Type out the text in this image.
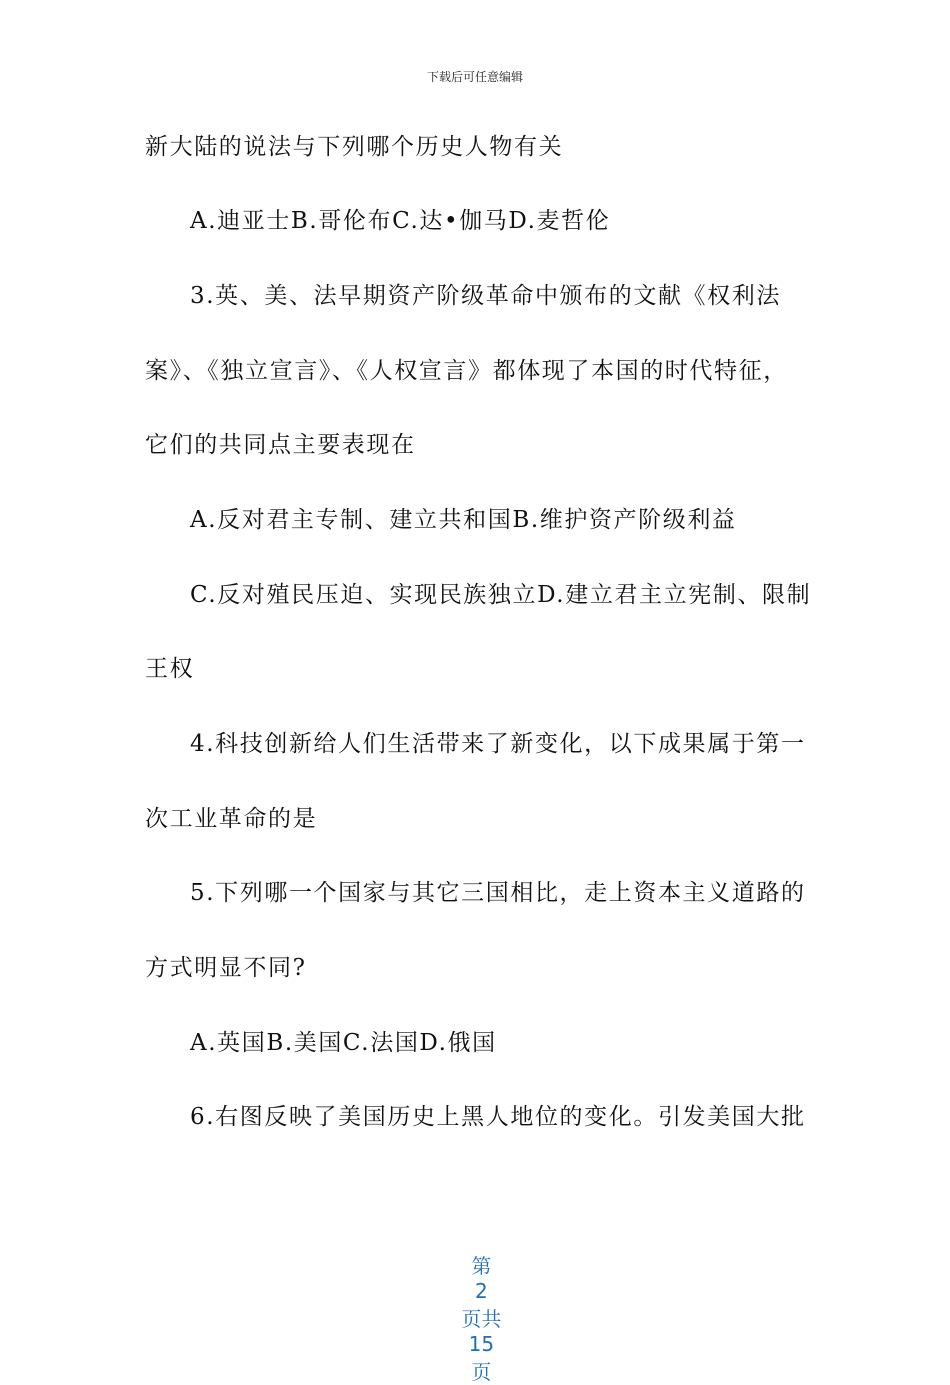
下载后可任意编辑
新大陆的说法与下列哪个历史人物有关
A.迪亚士B.哥伦布C.达•伽马D.麦哲伦
3.英、美、法早期资产阶级革命中颁布的文献《权利法
案》、《独立宣言》、《人权宣言》都体现了本国的时代特征，
它们的共同点主要表现在
A.反对君主专制、建立共和国B.维护资产阶级利益
C.反对殖民压迫、实现民族独立D.建立君主立宪制、限制
王权
4.科技创新给人们生活带来了新变化，以下成果属于第一
次工业革命的是
5.下列哪一个国家与其它三国相比，走上资本主义道路的
方式明显不同?
A.英国B.美国C.法国D.俄国
6.右图反映了美国历史上黑人地位的变化。引发美国大批

第
2
页共
15
页
